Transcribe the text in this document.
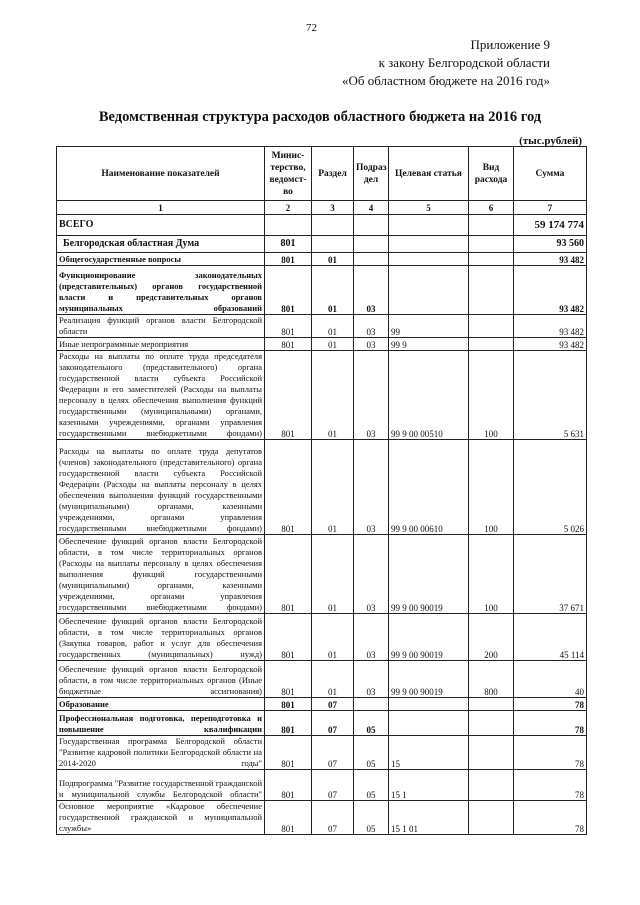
72
Приложение 9
к закону Белгородской области
«Об областном бюджете на 2016 год»
Ведомственная структура расходов областного бюджета на 2016 год
(тыс.рублей)
Наименование показателей	Минис-терство, ведомст-во	Раздел	Подраз дел	Целевая статья	Вид расхода	Сумма
1	2	3	4	5	6	7
ВСЕГО						59 174 774
Белгородская областная Дума	801					93 560
Общегосударственные вопросы	801	01				93 482
Функционирование законодательных (представительных) органов государственной власти и представительных органов муниципальных образований	801	01	03			93 482
Реализация функций органов власти Белгородской области	801	01	03	99		93 482
Иные непрограммные мероприятия	801	01	03	99 9		93 482
Расходы на выплаты по оплате труда председателя законодательного (представительного) органа государственной власти субъекта Российской Федерации и его заместителей (Расходы на выплаты персоналу в целях обеспечения выполнения функций государственными (муниципальными) органами, казенными учреждениями, органами управления государственными внебюджетными фондами)	801	01	03	99 9 00 00510	100	5 631
Расходы на выплаты по оплате труда депутатов (членов) законодательного (представительного) органа государственной власти субъекта Российской Федерации (Расходы на выплаты персоналу в целях обеспечения выполнения функций государственными (муниципальными) органами, казенными учреждениями, органами управления государственными внебюджетными фондами)	801	01	03	99 9 00 00610	100	5 026
Обеспечение функций органов власти Белгородской области, в том числе территориальных органов (Расходы на выплаты персоналу в целях обеспечения выполнения функций государственными (муниципальными) органами, казенными учреждениями, органами управления государственными внебюджетными фондами)	801	01	03	99 9 00 90019	100	37 671
Обеспечение функций органов власти Белгородской области, в том числе территориальных органов (Закупка товаров, работ и услуг для обеспечения государственных (муниципальных) нужд)	801	01	03	99 9 00 90019	200	45 114
Обеспечение функций органов власти Белгородской области, в том числе территориальных органов (Иные бюджетные ассигнования)	801	01	03	99 9 00 90019	800	40
Образование	801	07				78
Профессиональная подготовка, переподготовка и повышение квалификации	801	07	05			78
Государственная программа Белгородской области "Развитие кадровой политики Белгородской области на 2014-2020 годы"	801	07	05	15		78
Подпрограмма "Развитие государственной гражданской и муниципальной службы Белгородской области"	801	07	05	15 1		78
Основное мероприятие «Кадровое обеспечение государственной гражданской и муниципальной службы»	801	07	05	15 1 01		78
